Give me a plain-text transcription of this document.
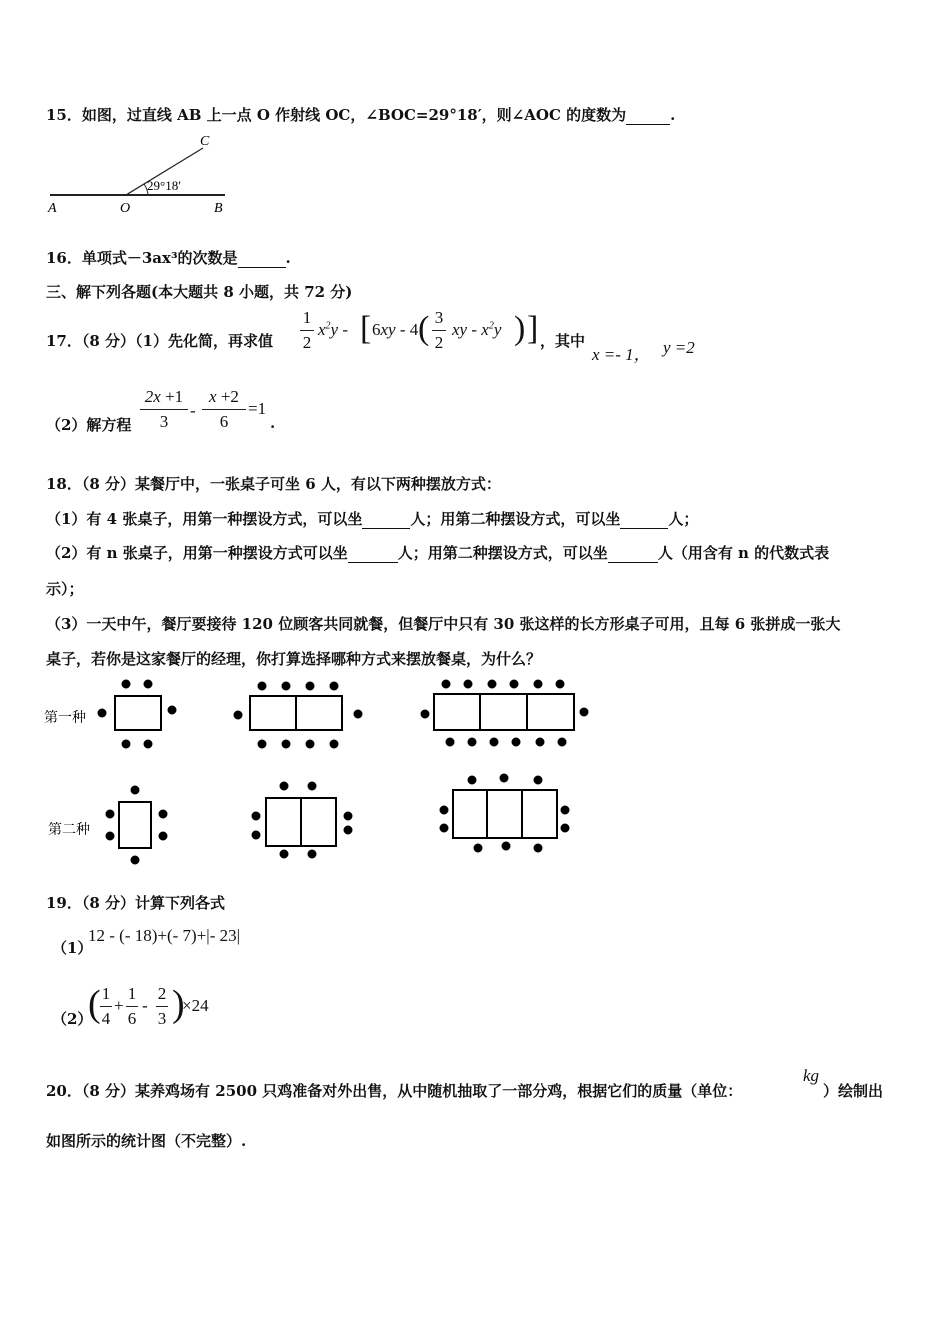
15．如图，过直线 AB 上一点 O 作射线 OC，∠BOC=29°18′，则∠AOC 的度数为	.
C
A	O	B
29°18′
16．单项式－3ax³的次数是	.
三、解下列各题(本大题共 8 小题，共 72 分)
17．（8 分）（1）先化简，再求值
1
2
$x^2y$ - [ 6xy - 4 ( 3
2
xy - $x^2y$ ) ] ，其中
x =- 1， y =2
（2）解方程
2x +1
3
-
x +2
6
=1
.
18．（8 分）某餐厅中，一张桌子可坐 6 人，有以下两种摆放方式：
（1）有 4 张桌子，用第一种摆设方式，可以坐	人；用第二种摆设方式，可以坐	人；
（2）有 n 张桌子，用第一种摆设方式可以坐	人；用第二种摆设方式，可以坐	人（用含有 n 的代数式表
示）；
（3）一天中午，餐厅要接待 120 位顾客共同就餐，但餐厅中只有 30 张这样的长方形桌子可用，且每 6 张拼成一张大
桌子，若你是这家餐厅的经理，你打算选择哪种方式来摆放餐桌，为什么？
第一种
第二种
19．（8 分）计算下列各式
（1）
12 - (- 18)+(- 7)+|- 23|
（2）
( 1
4
+
1
6
-
2
3 )
×24
20．（8 分）某养鸡场有 2500 只鸡准备对外出售，从中随机抽取了一部分鸡，根据它们的质量（单位：
kg
）绘制出
如图所示的统计图（不完整）.
